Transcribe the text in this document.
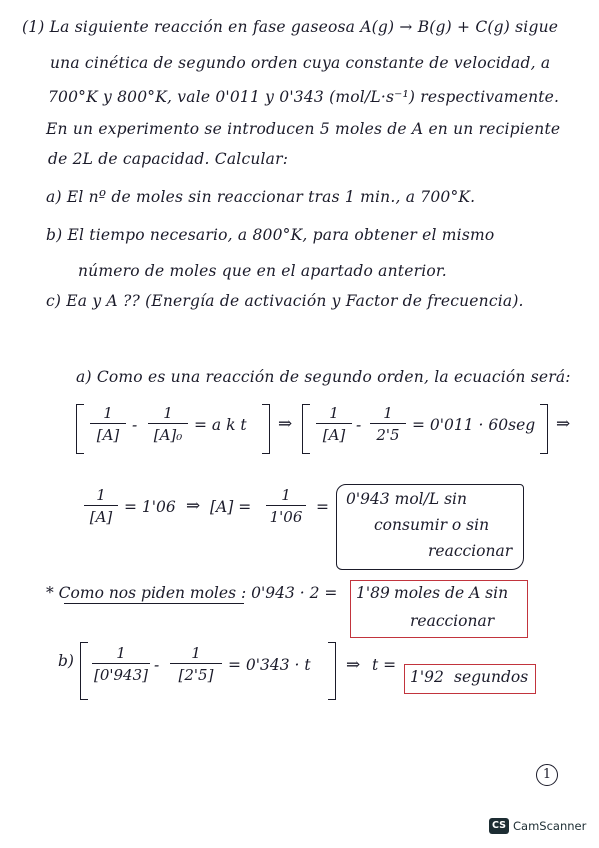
(1) La siguiente reacción en fase gaseosa A(g) → B(g) + C(g) sigue
una cinética de segundo orden cuya constante de velocidad, a
700°K y 800°K, vale 0'011 y 0'343 (mol/L·s⁻¹) respectivamente.
En un experimento se introducen 5 moles de A en un recipiente
de 2L de capacidad. Calcular:
a) El nº de moles sin reaccionar tras 1 min., a 700°K.
b) El tiempo necesario, a 800°K, para obtener el mismo
número de moles que en el apartado anterior.
c) Ea y A ?? (Energía de activación y Factor de frecuencia).
a) Como es una reacción de segundo orden, la ecuación será:
$\frac{1}{[A]} - \frac{1}{\text{[A]₀}} = a$ k t ⇒ $\frac{1}{[A]} - \frac{1}{2'5} = 0'011 \cdot 60seg$ ⇒
$\frac{1}{[A]} = 1'06$ ⇒ $[A] = \frac{1}{1'06} = 0'943$ mol/L sin
consumir o sin
reaccionar
* Como nos piden moles : 0'943 · 2 = 1'89 moles de A sin
reaccionar
$b) \frac{1}{[0'943]} - \frac{1}{[2'5]} = 0'343 \cdot t$ ⇒ t =
1'92 segundos
1
CS CamScanner
